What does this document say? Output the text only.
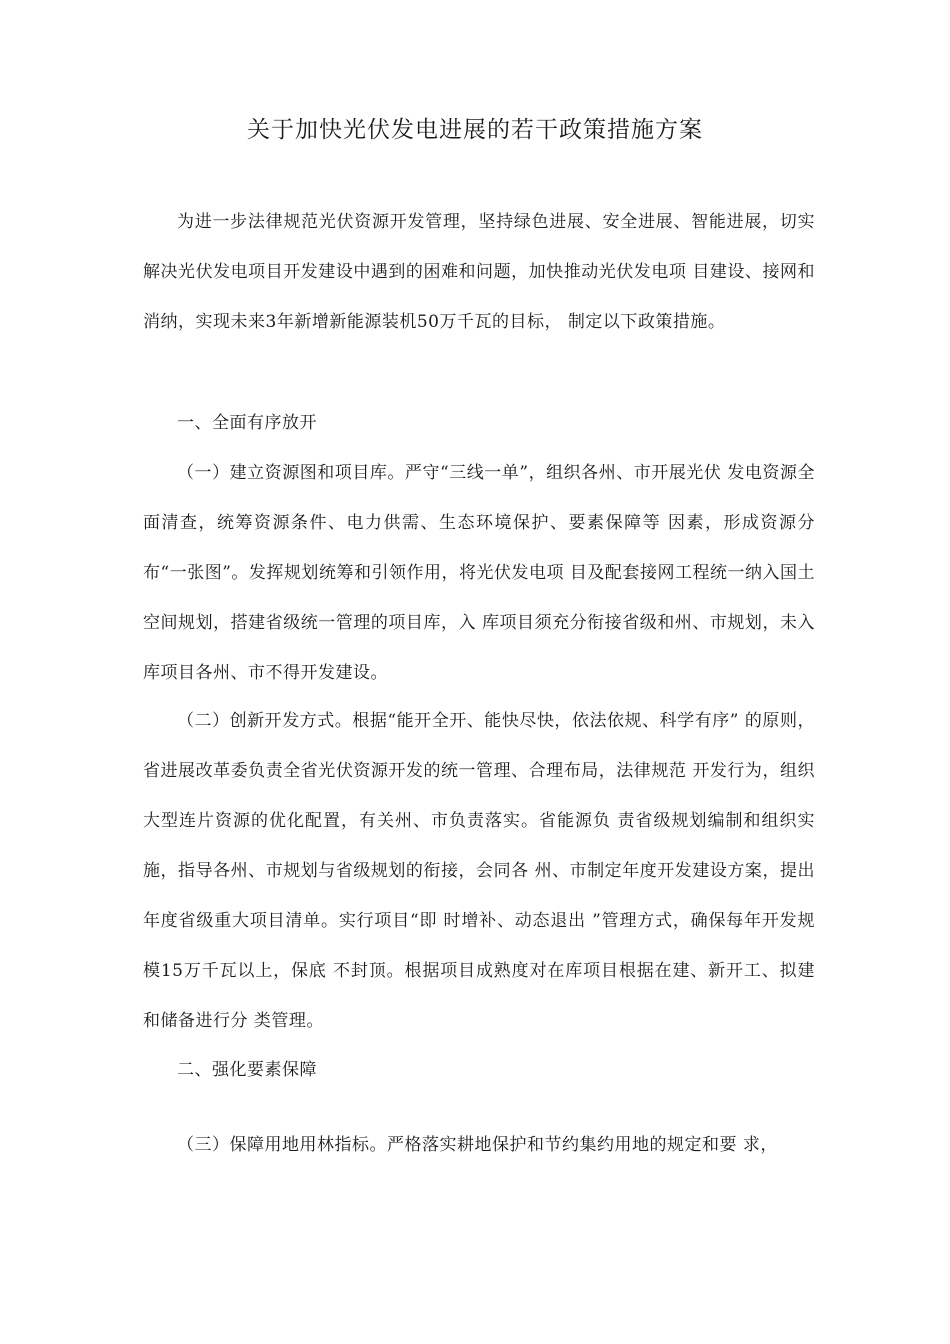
关于加快光伏发电进展的若干政策措施方案
为进一步法律规范光伏资源开发管理，坚持绿色进展、安全进展、智能进展，切实解决光伏发电项目开发建设中遇到的困难和问题，加快推动光伏发电项 目建设、接网和消纳，实现未来3年新增新能源装机50万千瓦的目标， 制定以下政策措施。
一、全面有序放开
（一）建立资源图和项目库。严守“三线一单”，组织各州、市开展光伏 发电资源全面清查，统筹资源条件、电力供需、生态环境保护、要素保障等 因素，形成资源分布“一张图”。发挥规划统筹和引领作用，将光伏发电项 目及配套接网工程统一纳入国土空间规划，搭建省级统一管理的项目库，入 库项目须充分衔接省级和州、市规划，未入库项目各州、市不得开发建设。
（二）创新开发方式。根据“能开全开、能快尽快，依法依规、科学有序” 的原则，省进展改革委负责全省光伏资源开发的统一管理、合理布局，法律规范 开发行为，组织大型连片资源的优化配置，有关州、市负责落实。省能源负 责省级规划编制和组织实施，指导各州、市规划与省级规划的衔接，会同各 州、市制定年度开发建设方案，提出年度省级重大项目清单。实行项目“即 时增补、动态退出 ”管理方式，确保每年开发规模15万千瓦以上，保底 不封顶。根据项目成熟度对在库项目根据在建、新开工、拟建和储备进行分 类管理。
二、强化要素保障
（三）保障用地用林指标。严格落实耕地保护和节约集约用地的规定和要 求，
